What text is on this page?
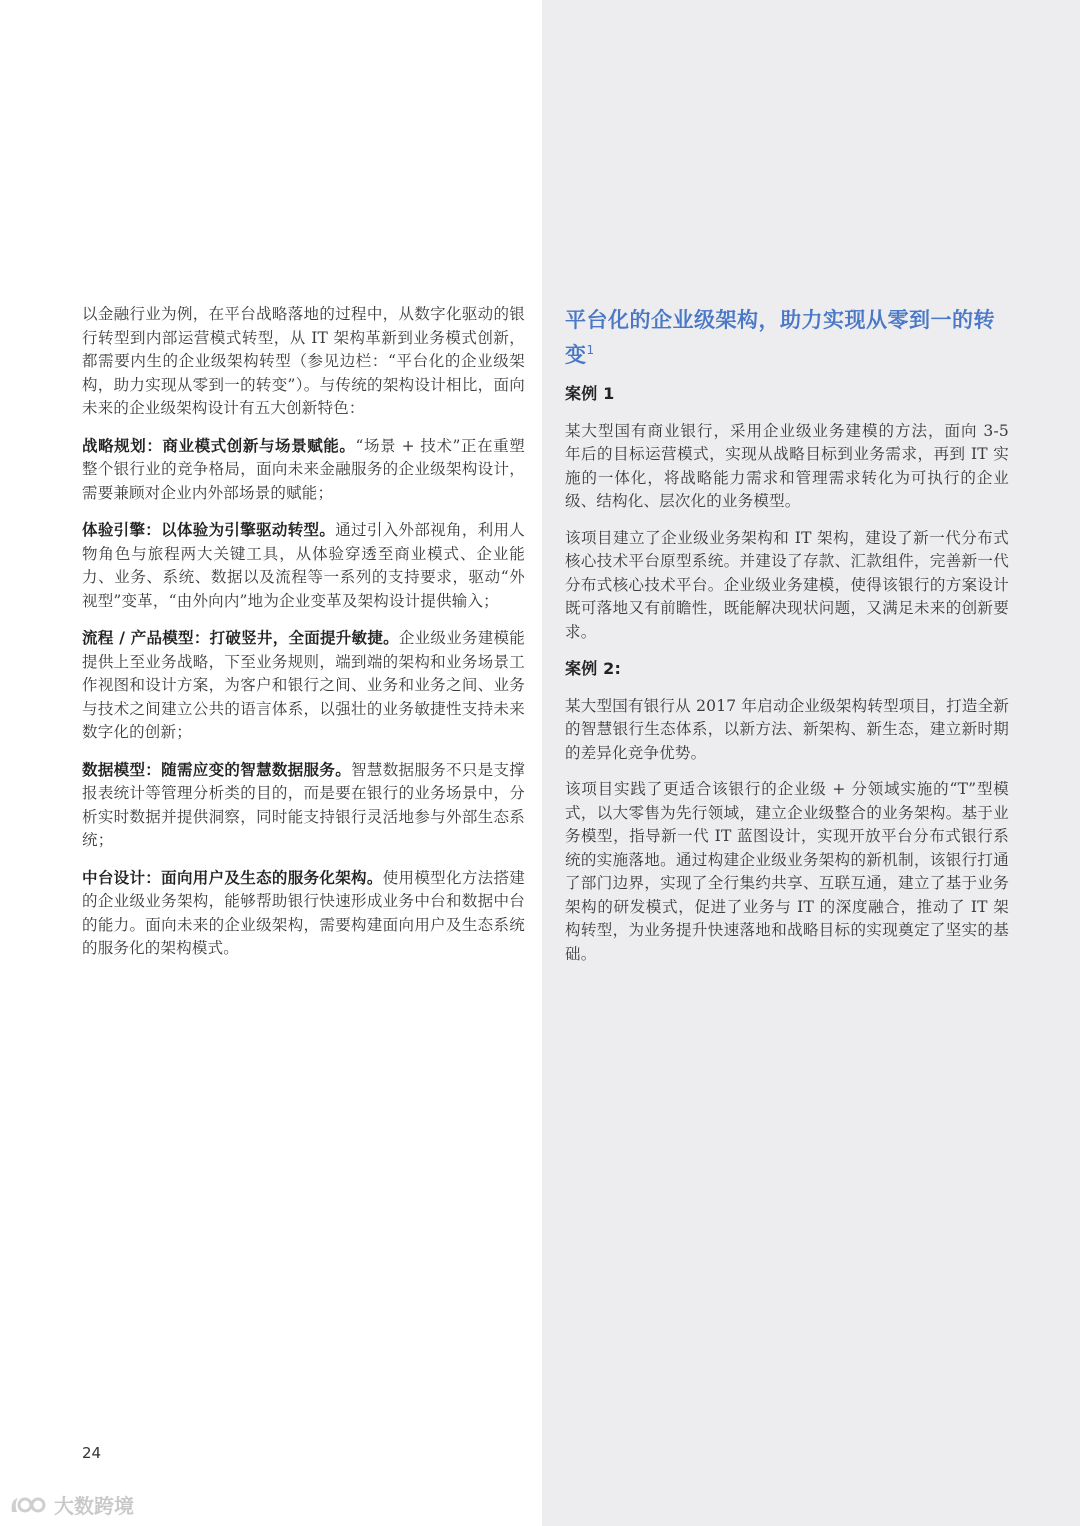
以金融行业为例，在平台战略落地的过程中，从数字化驱动的银行转型到内部运营模式转型，从 IT 架构革新到业务模式创新，都需要内生的企业级架构转型（参见边栏：“平台化的企业级架构，助力实现从零到一的转变”）。与传统的架构设计相比，面向未来的企业级架构设计有五大创新特色：

战略规划：商业模式创新与场景赋能。“场景 + 技术”正在重塑整个银行业的竞争格局，面向未来金融服务的企业级架构设计，需要兼顾对企业内外部场景的赋能；

体验引擎：以体验为引擎驱动转型。通过引入外部视角，利用人物角色与旅程两大关键工具，从体验穿透至商业模式、企业能力、业务、系统、数据以及流程等一系列的支持要求，驱动“外视型”变革，“由外向内”地为企业变革及架构设计提供输入；

流程 / 产品模型：打破竖井，全面提升敏捷。企业级业务建模能提供上至业务战略，下至业务规则，端到端的架构和业务场景工作视图和设计方案，为客户和银行之间、业务和业务之间、业务与技术之间建立公共的语言体系，以强壮的业务敏捷性支持未来数字化的创新；

数据模型：随需应变的智慧数据服务。智慧数据服务不只是支撑报表统计等管理分析类的目的，而是要在银行的业务场景中，分析实时数据并提供洞察，同时能支持银行灵活地参与外部生态系统；

中台设计：面向用户及生态的服务化架构。使用模型化方法搭建的企业级业务架构，能够帮助银行快速形成业务中台和数据中台的能力。面向未来的企业级架构，需要构建面向用户及生态系统的服务化的架构模式。

平台化的企业级架构，助力实现从零到一的转变$^1$
案例 1

某大型国有商业银行，采用企业级业务建模的方法，面向 3-5 年后的目标运营模式，实现从战略目标到业务需求，再到 IT 实施的一体化，将战略能力需求和管理需求转化为可执行的企业级、结构化、层次化的业务模型。

该项目建立了企业级业务架构和 IT 架构，建设了新一代分布式核心技术平台原型系统。并建设了存款、汇款组件，完善新一代分布式核心技术平台。企业级业务建模，使得该银行的方案设计既可落地又有前瞻性，既能解决现状问题，又满足未来的创新要求。

案例 2:

某大型国有银行从 2017 年启动企业级架构转型项目，打造全新的智慧银行生态体系，以新方法、新架构、新生态，建立新时期的差异化竞争优势。

该项目实践了更适合该银行的企业级 + 分领域实施的“T”型模式，以大零售为先行领域，建立企业级整合的业务架构。基于业务模型，指导新一代 IT 蓝图设计，实现开放平台分布式银行系统的实施落地。通过构建企业级业务架构的新机制，该银行打通了部门边界，实现了全行集约共享、互联互通，建立了基于业务架构的研发模式，促进了业务与 IT 的深度融合，推动了 IT 架构转型，为业务提升快速落地和战略目标的实现奠定了坚实的基础。

24
大数跨境
